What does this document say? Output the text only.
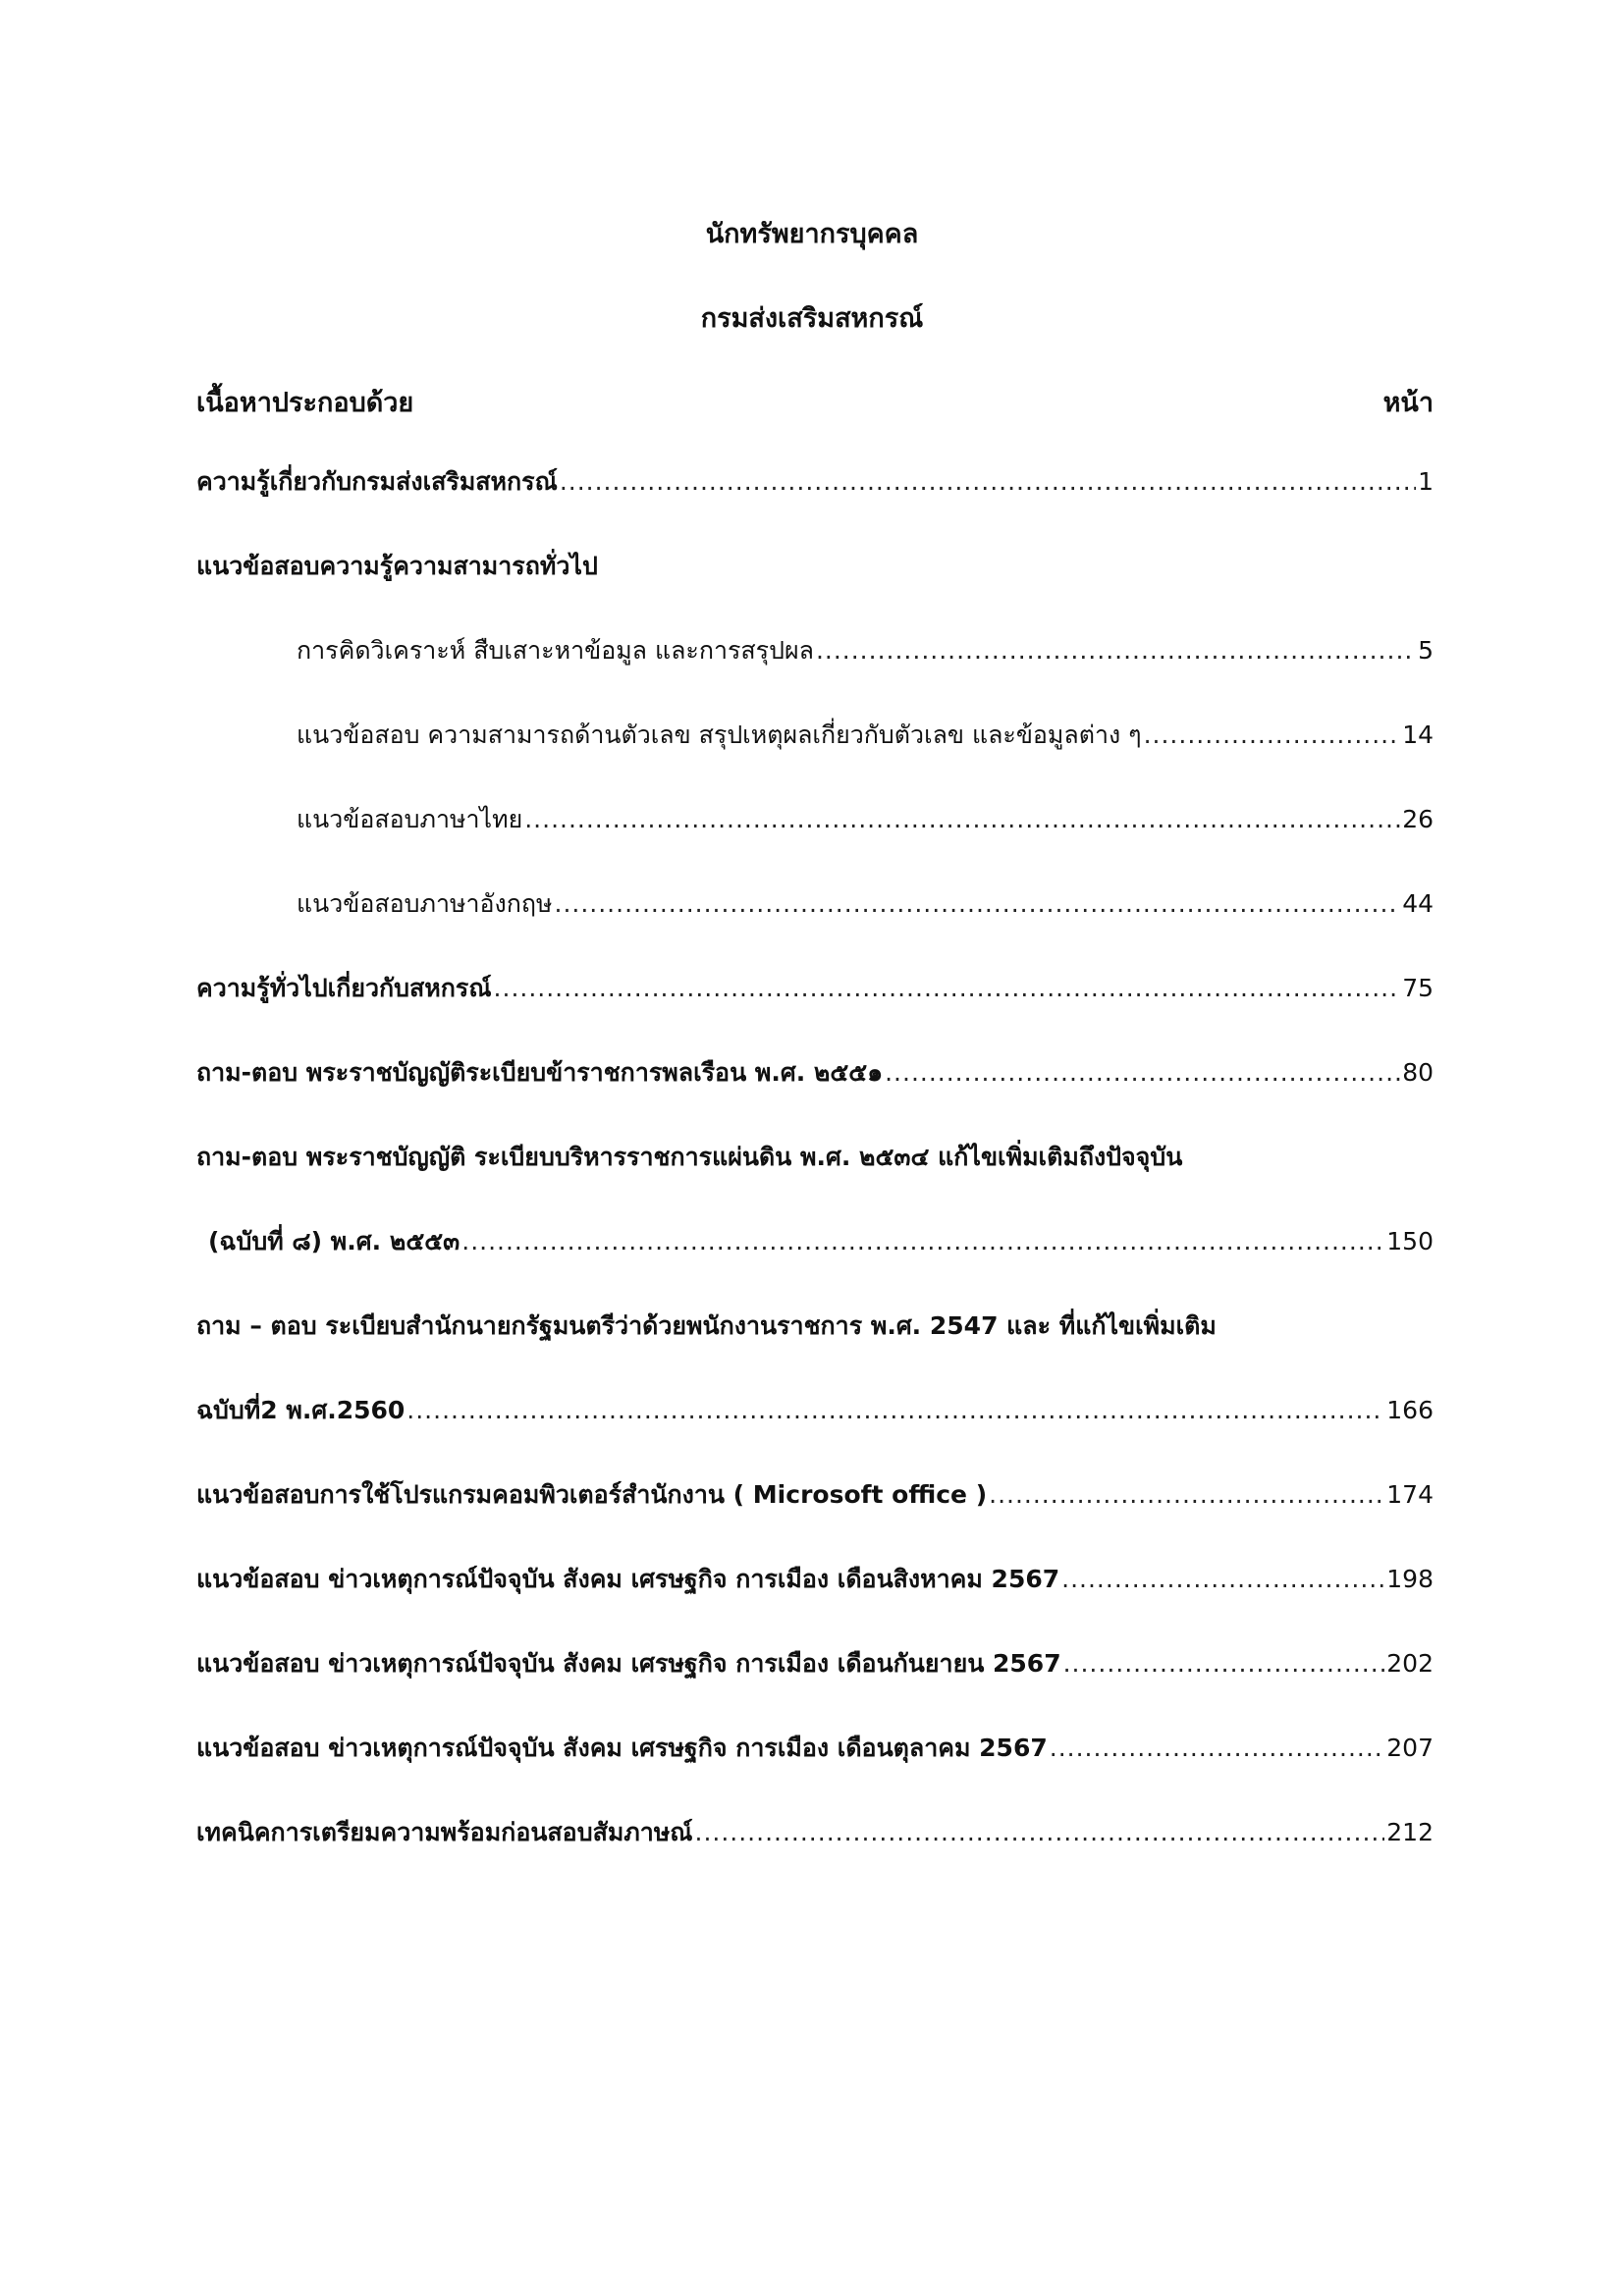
นักทรัพยากรบุคคล
กรมส่งเสริมสหกรณ์
เนื้อหาประกอบด้วย	หน้า
ความรู้เกี่ยวกับกรมส่งเสริมสหกรณ์ .....	1
แนวข้อสอบความรู้ความสามารถทั่วไป
การคิดวิเคราะห์ สืบเสาะหาข้อมูล และการสรุปผล .....	5
แนวข้อสอบ ความสามารถด้านตัวเลข สรุปเหตุผลเกี่ยวกับตัวเลข และข้อมูลต่าง ๆ .....	14
แนวข้อสอบภาษาไทย .....	26
แนวข้อสอบภาษาอังกฤษ .....	44
ความรู้ทั่วไปเกี่ยวกับสหกรณ์ .....	75
ถาม-ตอบ พระราชบัญญัติระเบียบข้าราชการพลเรือน พ.ศ. ๒๕๕๑ .....	80
ถาม-ตอบ พระราชบัญญัติ ระเบียบบริหารราชการแผ่นดิน พ.ศ. ๒๕๓๔ แก้ไขเพิ่มเติมถึงปัจจุบัน
(ฉบับที่ ๘) พ.ศ. ๒๕๕๓ .....	150
ถาม – ตอบ ระเบียบสำนักนายกรัฐมนตรีว่าด้วยพนักงานราชการ พ.ศ. 2547 และ ที่แก้ไขเพิ่มเติม
ฉบับที่2 พ.ศ.2560 .....	166
แนวข้อสอบการใช้โปรแกรมคอมพิวเตอร์สำนักงาน ( Microsoft office ) .....	174
แนวข้อสอบ ข่าวเหตุการณ์ปัจจุบัน สังคม เศรษฐกิจ การเมือง เดือนสิงหาคม 2567 .....	198
แนวข้อสอบ ข่าวเหตุการณ์ปัจจุบัน สังคม เศรษฐกิจ การเมือง เดือนกันยายน 2567 .....	202
แนวข้อสอบ ข่าวเหตุการณ์ปัจจุบัน สังคม เศรษฐกิจ การเมือง เดือนตุลาคม 2567 .....	207
เทคนิคการเตรียมความพร้อมก่อนสอบสัมภาษณ์ .....	212
